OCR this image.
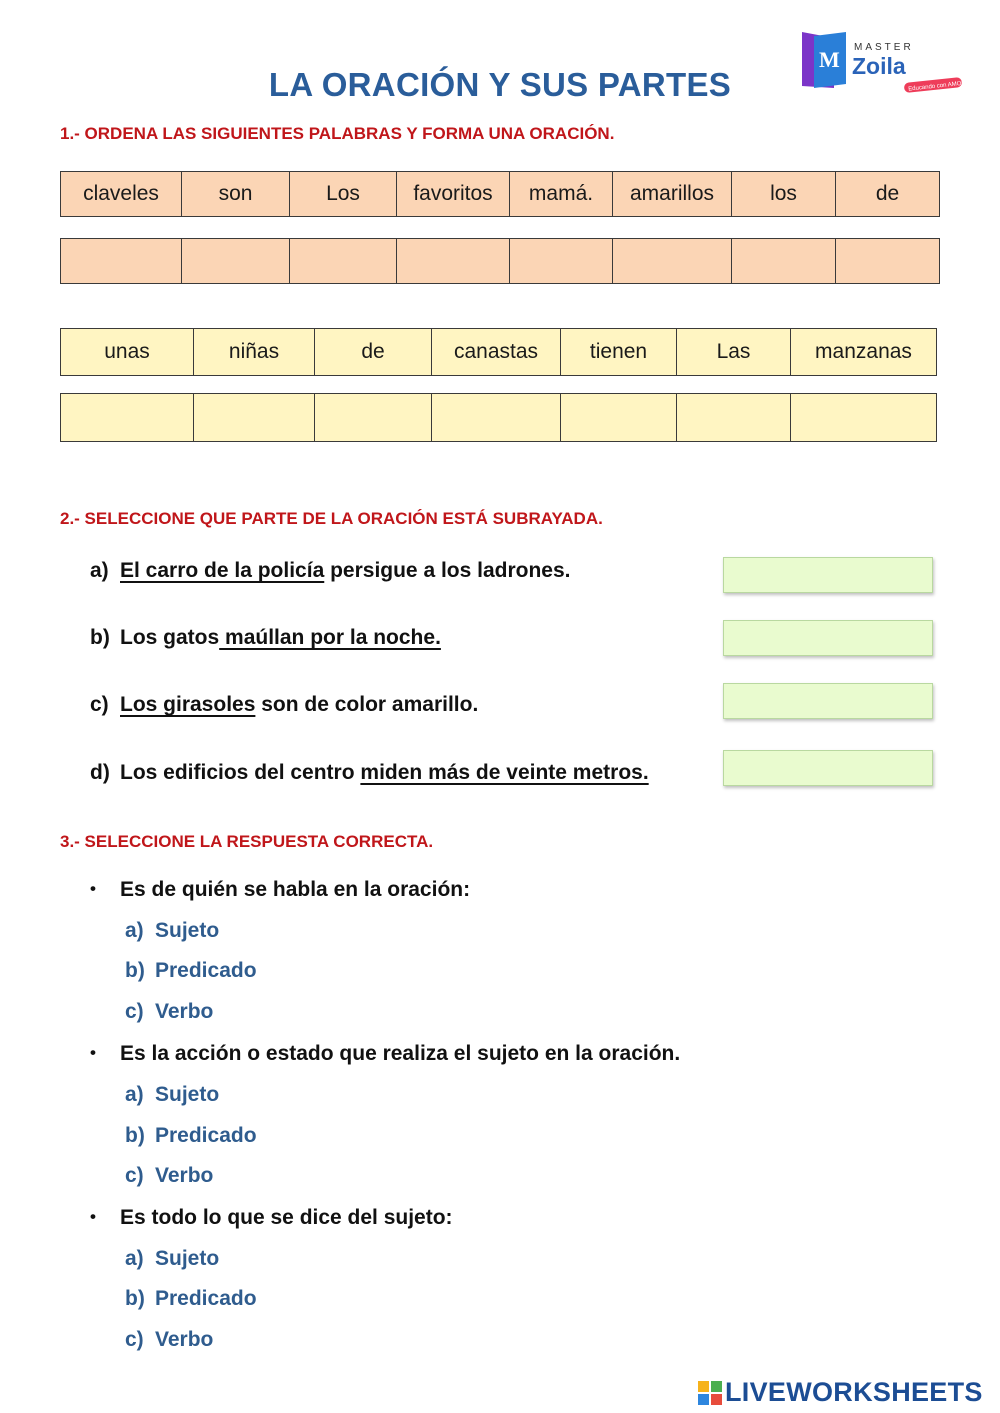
M MASTER
Zoila
Educando con AMOR
LA ORACIÓN Y SUS PARTES
1.- ORDENA LAS SIGUIENTES PALABRAS Y FORMA UNA ORACIÓN.
claveles	son	Los	favoritos	mamá.	amarillos	los	de

unas	niñas	de	canastas	tienen	Las	manzanas

2.- SELECCIONE QUE PARTE DE LA ORACIÓN ESTÁ SUBRAYADA.
a) El carro de la policía persigue a los ladrones.
b) Los gatos maúllan por la noche.
c) Los girasoles son de color amarillo.
d) Los edificios del centro miden más de veinte metros.
3.- SELECCIONE LA RESPUESTA CORRECTA.
• Es de quién se habla en la oración:
a) Sujeto
b) Predicado
c) Verbo
• Es la acción o estado que realiza el sujeto en la oración.
a) Sujeto
b) Predicado
c) Verbo
• Es todo lo que se dice del sujeto:
a) Sujeto
b) Predicado
c) Verbo
LIVEWORKSHEETS
